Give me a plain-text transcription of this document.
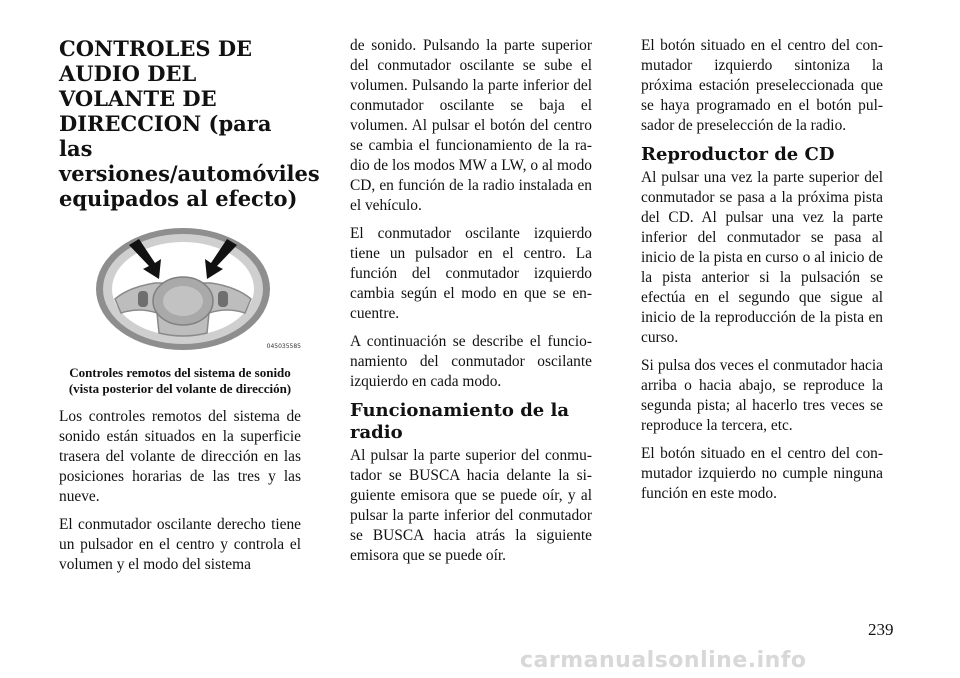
CONTROLES DE AUDIO DEL VOLANTE DE DIRECCION (para las versiones/automóviles equipados al efecto)
045035585
Controles remotos del sistema de sonido (vista posterior del volante de dirección)

Los controles remotos del sistema de sonido están situados en la superficie trasera del volante de dirección en las posiciones horarias de las tres y las nueve.

El conmutador oscilante derecho tiene un pulsador en el centro y controla el volumen y el modo del sistema

de sonido. Pulsando la parte superior del conmutador oscilante se sube el volumen. Pulsando la parte inferior del conmutador oscilante se baja el volumen. Al pulsar el botón del centro se cambia el funcionamiento de la radio de los modos MW a LW, o al modo CD, en función de la radio instalada en el vehículo.

El conmutador oscilante izquierdo tiene un pulsador en el centro. La función del conmutador izquierdo cambia según el modo en que se encuentre.

A continuación se describe el funcionamiento del conmutador oscilante izquierdo en cada modo.

Funcionamiento de la radio

Al pulsar la parte superior del conmutador se BUSCA hacia delante la siguiente emisora que se puede oír, y al pulsar la parte inferior del conmutador se BUSCA hacia atrás la siguiente emisora que se puede oír.

El botón situado en el centro del conmutador izquierdo sintoniza la próxima estación preseleccionada que se haya programado en el botón pulsador de preselección de la radio.

Reproductor de CD

Al pulsar una vez la parte superior del conmutador se pasa a la próxima pista del CD. Al pulsar una vez la parte inferior del conmutador se pasa al inicio de la pista en curso o al inicio de la pista anterior si la pulsación se efectúa en el segundo que sigue al inicio de la reproducción de la pista en curso.

Si pulsa dos veces el conmutador hacia arriba o hacia abajo, se reproduce la segunda pista; al hacerlo tres veces se reproduce la tercera, etc.

El botón situado en el centro del conmutador izquierdo no cumple ninguna función en este modo.

239
carmanualsonline.info
